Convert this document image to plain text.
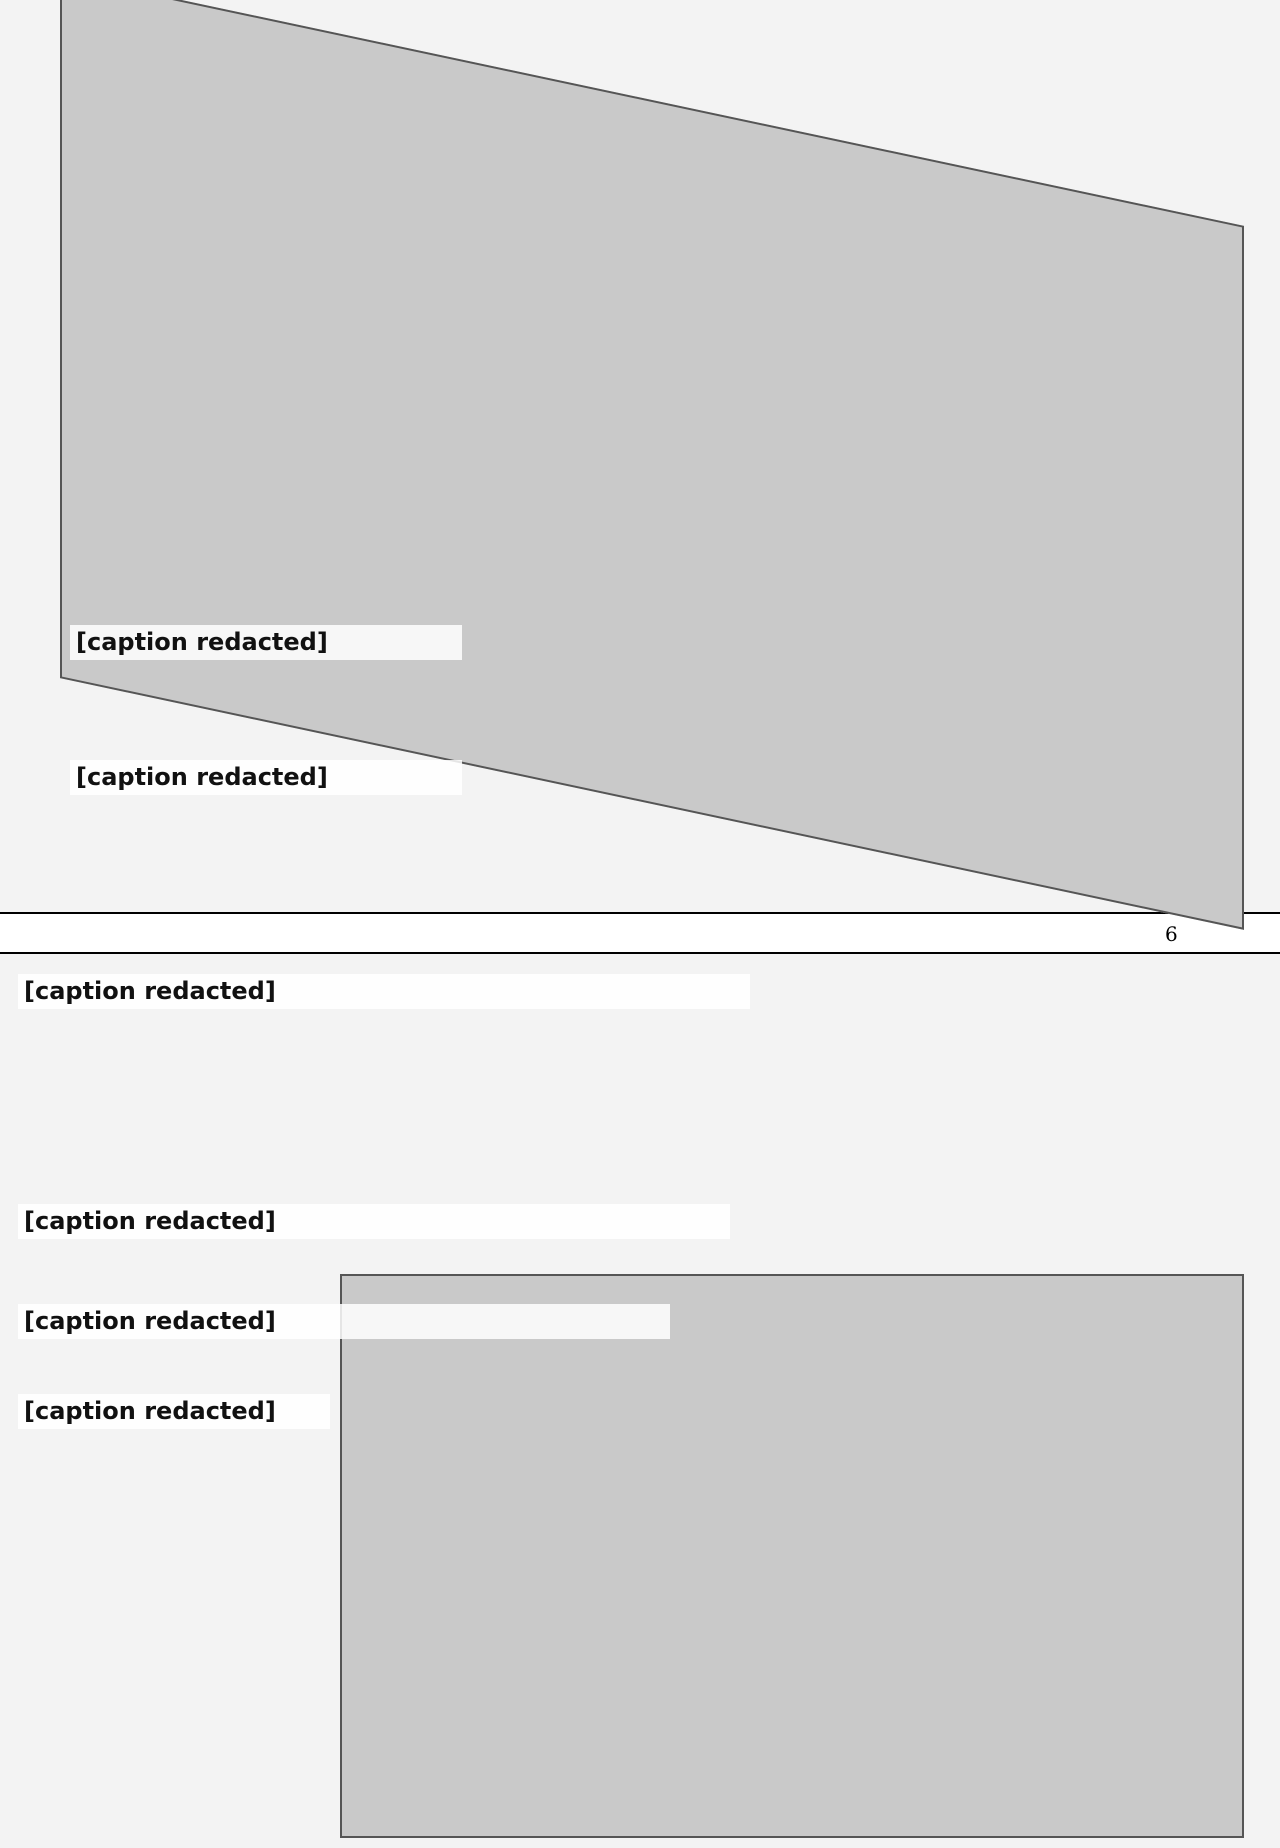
[caption redacted]
[caption redacted]
6
[caption redacted]
[caption redacted]
[caption redacted]
[caption redacted]
